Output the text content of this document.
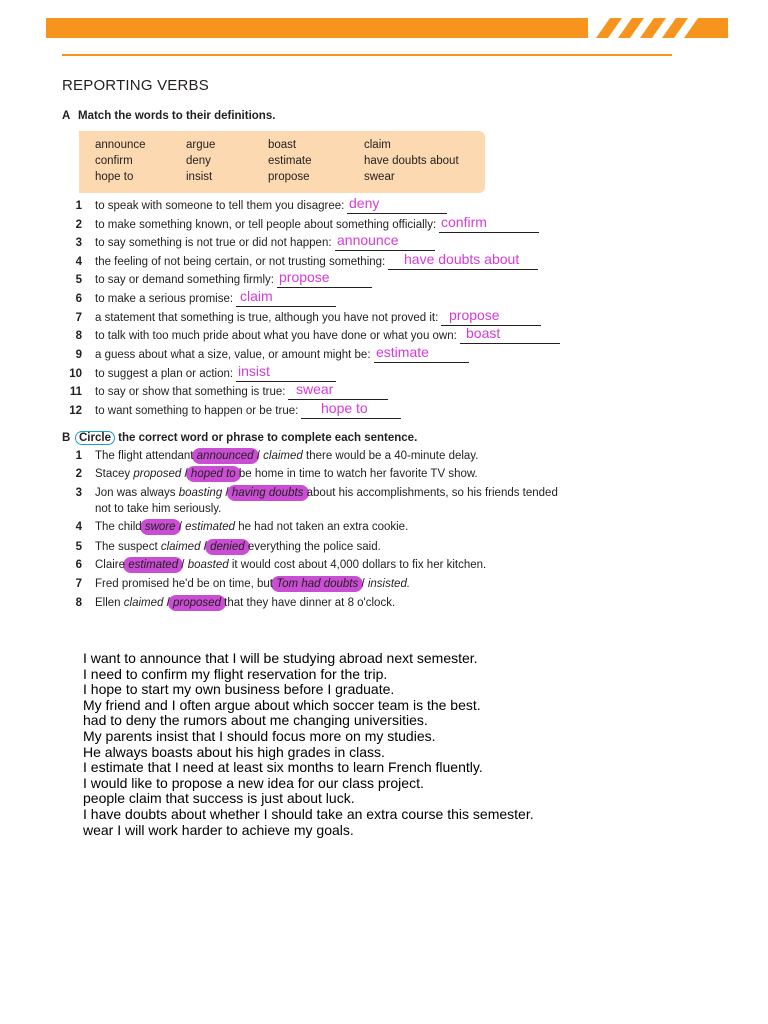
REPORTING VERBS
A Match the words to their definitions.
announce	argue	boast	claim
confirm	deny	estimate	have doubts about
hope to	insist	propose	swear
1 to speak with someone to tell them you disagree: deny
2 to make something known, or tell people about something officially: confirm
3 to say something is not true or did not happen: announce
4 the feeling of not being certain, or not trusting something: have doubts about
5 to say or demand something firmly: propose
6 to make a serious promise: claim
7 a statement that something is true, although you have not proved it: propose
8 to talk with too much pride about what you have done or what you own: boast
9 a guess about what a size, value, or amount might be: estimate
10 to suggest a plan or action: insist
11 to say or show that something is true: swear
12 to want something to happen or be true: hope to
B Circle the correct word or phrase to complete each sentence.
1 The flight attendant announced / claimed there would be a 40-minute delay.
2 Stacey proposed / hoped to be home in time to watch her favorite TV show.
3 Jon was always boasting / having doubts about his accomplishments, so his friends tended
not to take him seriously.
4 The child swore / estimated he had not taken an extra cookie.
5 The suspect claimed / denied everything the police said.
6 Claire estimated / boasted it would cost about 4,000 dollars to fix her kitchen.
7 Fred promised he'd be on time, but Tom had doubts / insisted.
8 Ellen claimed / proposed that they have dinner at 8 o'clock.
I want to announce that I will be studying abroad next semester.
I need to confirm my flight reservation for the trip.
I hope to start my own business before I graduate.
My friend and I often argue about which soccer team is the best.
had to deny the rumors about me changing universities.
My parents insist that I should focus more on my studies.
He always boasts about his high grades in class.
I estimate that I need at least six months to learn French fluently.
I would like to propose a new idea for our class project.
people claim that success is just about luck.
I have doubts about whether I should take an extra course this semester.
wear I will work harder to achieve my goals.
